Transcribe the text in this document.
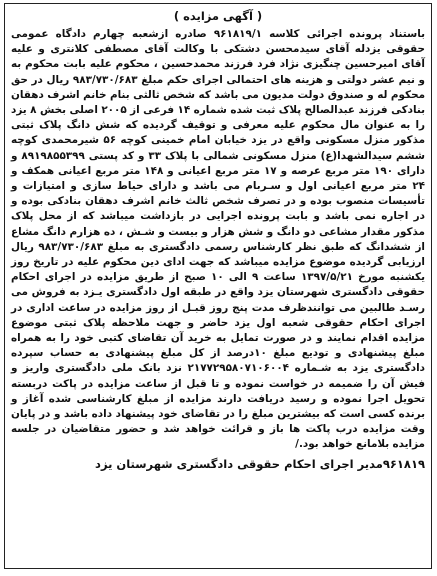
( آگهی مزایده )
باستناد پرونده اجرائی کلاسه ۹۶۱۸۱۹/۱ صادره ازشعبه چهارم دادگاه عمومی حقوقی یزدله آقای سیدمحسن دشتکی با وکالت آقای مصطفی کلانتری و علیه آقای امیرحسین چنگیزی نژاد فرد فرزند محمدحسین ، محکوم علیه بابت محکوم به و نیم عشر دولتی و هزینه های احتمالی اجرای حکم مبلغ ۹۸۳/۷۳۰/۶۸۳ ریال در حق محکوم له و صندوق دولت مدیون می باشد که شخص ثالثی بنام خانم اشرف دهقان بنادکی فرزند عبدالصالح پلاک ثبت شده شماره ۱۴ فرعی از ۲۰۰۵ اصلی بخش ۸ یزد را به عنوان مال محکوم علیه معرفی و توقیف گردیده که شش دانگ پلاک ثبتی مذکور منزل مسکونی واقع در یزد خیابان امام خمینی کوچه ۵۶ شیرمحمدی کوچه ششم سیدالشهدا(ع) منزل مسکونی شمالی با پلاک ۳۳ و کد پستی ۸۹۱۹۸۵۵۳۹۹ و دارای ۱۹۰ متر مربع عرصه و ۱۷ متر مربع اعیانی و ۱۴۸ متر مربع اعیانی همکف و ۲۴ متر مربع اعیانی اول و سـربام می باشد و دارای حیاط سازی و امتیازات و تأسیسات منصوب بوده و در تصرف شخص ثالث خانم اشرف دهقان بنادکی بوده و در اجاره نمی باشد و بابت پرونده اجرایی در بازداشت میباشد که از محل پلاک مذکور مقدار مشاعی دو دانگ و شش هزار و بیست و شـش ، ده هزارم دانگ مشاع از ششدانگ که طبق نظر کارشناس رسمی دادگستری به مبلغ ۹۸۳/۷۳۰/۶۸۳ ریال ارزیابی گردیده موضوع مزایده میباشد که جهت ادای دین محکوم علیه در تاریخ روز یکشنبه مورخ ۱۳۹۷/۵/۲۱ ساعت ۹ الی ۱۰ صبح از طریق مزایده در اجرای احکام حقوقی دادگستری شهرستان یزد واقع در طبقه اول دادگستری یـزد به فروش می رسـد طالبین می توانندظرف مدت پنج روز قبـل از روز مزایده در ساعت اداری در اجرای احکام حقوقی شعبه اول یزد حاضر و جهت ملاحظه پلاک ثبتی موضوع مزایده اقدام نمایند و در صورت تمایل به خرید آن تقاضای کتبی خود را به همراه مبلغ پیشنهادی و تودیع مبلغ ۱۰درصد از کل مبلغ پیشنهادی به حساب سپرده دادگستری یزد به شـماره ۲۱۷۷۲۹۵۸۰۷۱۰۶۰۰۴ نزد بانک ملی دادگستری واریز و فیش آن را ضمیمه در خواست نموده و تا قبل از ساعت مزایده در پاکت دربسته تحویل اجرا نموده و رسید دریافت دارند مزایده از مبلغ کارشناسی شده آغاز و برنده کسی است که بیشترین مبلغ را در تقاضای خود پیشنهاد داده باشد و در پایان وقت مزایده درب پاکت ها باز و قرائت خواهد شد و حضور متقاضیان در جلسه مزایده بلامانع خواهد بود./
۹۶۱۸۱۹مدیر اجرای احکام حقوقی دادگستری شهرستان یزد
